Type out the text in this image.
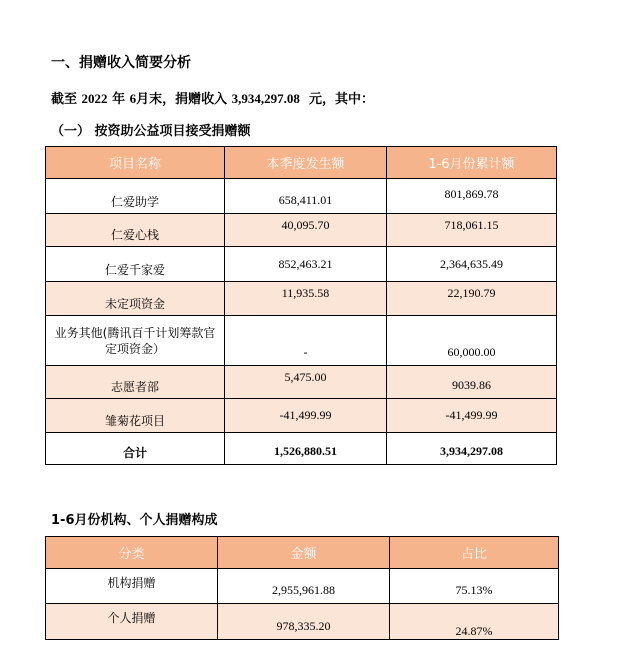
一、捐赠收入简要分析
截至 2022 年 6月末，捐赠收入 3,934,297.08 元，其中：
（一） 按资助公益项目接受捐赠额
项目名称	本季度发生额	1-6月份累计额
仁爱助学	658,411.01	801,869.78
仁爱心栈	40,095.70	718,061.15
仁爱千家爱	852,463.21	2,364,635.49
未定项资金	11,935.58	22,190.79
业务其他(腾讯百千计划筹款官定项资金）	-	60,000.00
志愿者部	5,475.00	9039.86
雏菊花项目	-41,499.99	-41,499.99
合计	1,526,880.51	3,934,297.08
1-6月份机构、个人捐赠构成
分类	金额	占比
机构捐赠	2,955,961.88	75.13%
个人捐赠	978,335.20	24.87%
